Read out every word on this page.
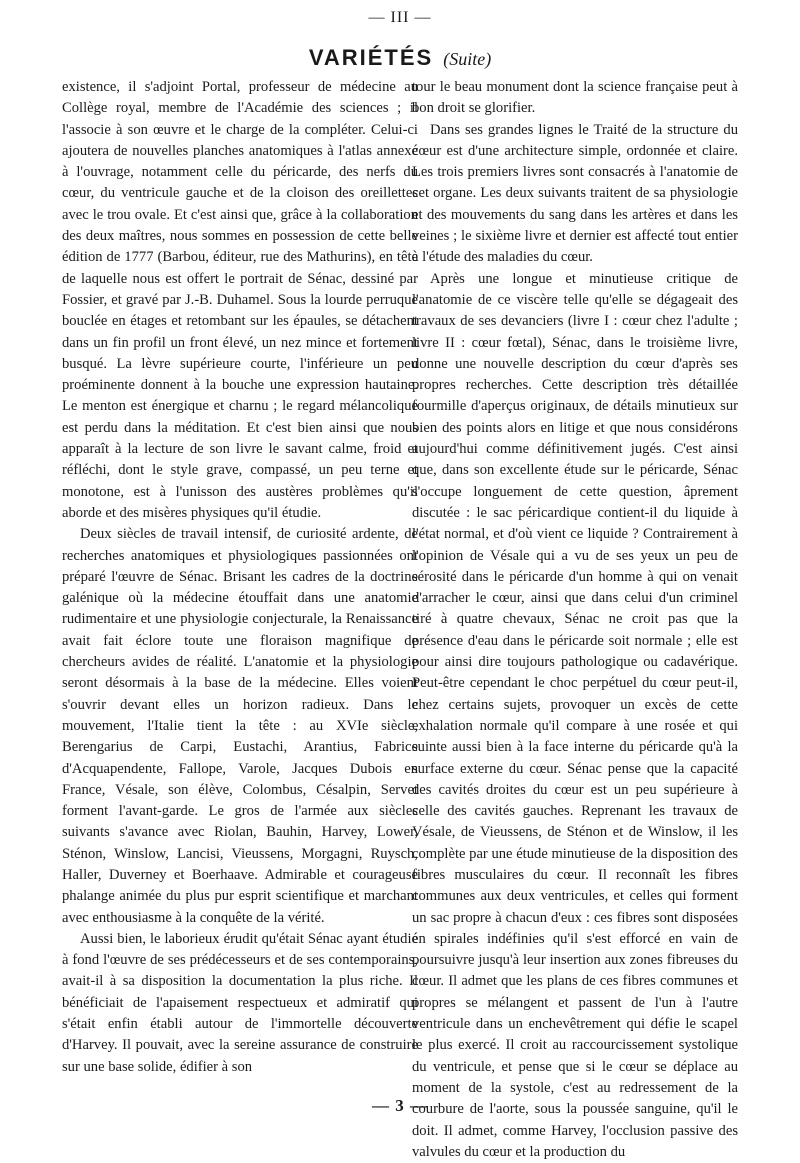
— III —
VARIÉTÉS (Suite)

existence, il s'adjoint Portal, professeur de médecine au Collège royal, membre de l'Académie des sciences ; il l'associe à son œuvre et le charge de la compléter. Celui-ci ajoutera de nouvelles planches anatomiques à l'atlas annexé à l'ouvrage, notamment celle du péricarde, des nerfs du cœur, du ventricule gauche et de la cloison des oreillettes avec le trou ovale. Et c'est ainsi que, grâce à la collaboration des deux maîtres, nous sommes en possession de cette belle édition de 1777 (Barbou, éditeur, rue des Mathurins), en tête de laquelle nous est offert le portrait de Sénac, dessiné par Fossier, et gravé par J.-B. Duhamel. Sous la lourde perruque bouclée en étages et retombant sur les épaules, se détachent dans un fin profil un front élevé, un nez mince et fortement busqué. La lèvre supérieure courte, l'inférieure un peu proéminente donnent à la bouche une expression hautaine. Le menton est énergique et charnu ; le regard mélancolique est perdu dans la méditation. Et c'est bien ainsi que nous apparaît à la lecture de son livre le savant calme, froid et réfléchi, dont le style grave, compassé, un peu terne et monotone, est à l'unisson des austères problèmes qu'il aborde et des misères physiques qu'il étudie.

Deux siècles de travail intensif, de curiosité ardente, de recherches anatomiques et physiologiques passionnées ont préparé l'œuvre de Sénac. Brisant les cadres de la doctrine galénique où la médecine étouffait dans une anatomie rudimentaire et une physiologie conjecturale, la Renaissance avait fait éclore toute une floraison magnifique de chercheurs avides de réalité. L'anatomie et la physiologie seront désormais à la base de la médecine. Elles voient s'ouvrir devant elles un horizon radieux. Dans le mouvement, l'Italie tient la tête : au XVIe siècle, Berengarius de Carpi, Eustachi, Arantius, Fabrice d'Acquapendente, Fallope, Varole, Jacques Dubois en France, Vésale, son élève, Colombus, Césalpin, Servet forment l'avant-garde. Le gros de l'armée aux siècles suivants s'avance avec Riolan, Bauhin, Harvey, Lower, Sténon, Winslow, Lancisi, Vieussens, Morgagni, Ruysch, Haller, Duverney et Boerhaave. Admirable et courageuse phalange animée du plus pur esprit scientifique et marchant avec enthousiasme à la conquête de la vérité.

Aussi bien, le laborieux érudit qu'était Sénac ayant étudié à fond l'œuvre de ses prédécesseurs et de ses contemporains, avait-il à sa disposition la documentation la plus riche. Il bénéficiait de l'apaisement respectueux et admiratif qui s'était enfin établi autour de l'immortelle découverte d'Harvey. Il pouvait, avec la sereine assurance de construire sur une base solide, édifier à son

tour le beau monument dont la science française peut à bon droit se glorifier.

Dans ses grandes lignes le Traité de la structure du cœur est d'une architecture simple, ordonnée et claire. Les trois premiers livres sont consacrés à l'anatomie de cet organe. Les deux suivants traitent de sa physiologie et des mouvements du sang dans les artères et dans les veines ; le sixième livre et dernier est affecté tout entier à l'étude des maladies du cœur.

Après une longue et minutieuse critique de l'anatomie de ce viscère telle qu'elle se dégageait des travaux de ses devanciers (livre I : cœur chez l'adulte ; livre II : cœur fœtal), Sénac, dans le troisième livre, donne une nouvelle description du cœur d'après ses propres recherches. Cette description très détaillée fourmille d'aperçus originaux, de détails minutieux sur bien des points alors en litige et que nous considérons aujourd'hui comme définitivement jugés. C'est ainsi que, dans son excellente étude sur le péricarde, Sénac s'occupe longuement de cette question, âprement discutée : le sac péricardique contient-il du liquide à l'état normal, et d'où vient ce liquide ? Contrairement à l'opinion de Vésale qui a vu de ses yeux un peu de sérosité dans le péricarde d'un homme à qui on venait d'arracher le cœur, ainsi que dans celui d'un criminel tiré à quatre chevaux, Sénac ne croit pas que la présence d'eau dans le péricarde soit normale ; elle est pour ainsi dire toujours pathologique ou cadavérique. Peut-être cependant le choc perpétuel du cœur peut-il, chez certains sujets, provoquer un excès de cette exhalation normale qu'il compare à une rosée et qui suinte aussi bien à la face interne du péricarde qu'à la surface externe du cœur. Sénac pense que la capacité des cavités droites du cœur est un peu supérieure à celle des cavités gauches. Reprenant les travaux de Vésale, de Vieussens, de Sténon et de Winslow, il les complète par une étude minutieuse de la disposition des fibres musculaires du cœur. Il reconnaît les fibres communes aux deux ventricules, et celles qui forment un sac propre à chacun d'eux : ces fibres sont disposées en spirales indéfinies qu'il s'est efforcé en vain de poursuivre jusqu'à leur insertion aux zones fibreuses du cœur. Il admet que les plans de ces fibres communes et propres se mélangent et passent de l'un à l'autre ventricule dans un enchevêtrement qui défie le scapel le plus exercé. Il croit au raccourcissement systolique du ventricule, et pense que si le cœur se déplace au moment de la systole, c'est au redressement de la courbure de l'aorte, sous la poussée sanguine, qu'il le doit. Il admet, comme Harvey, l'occlusion passive des valvules du cœur et la production du

— 3 —
